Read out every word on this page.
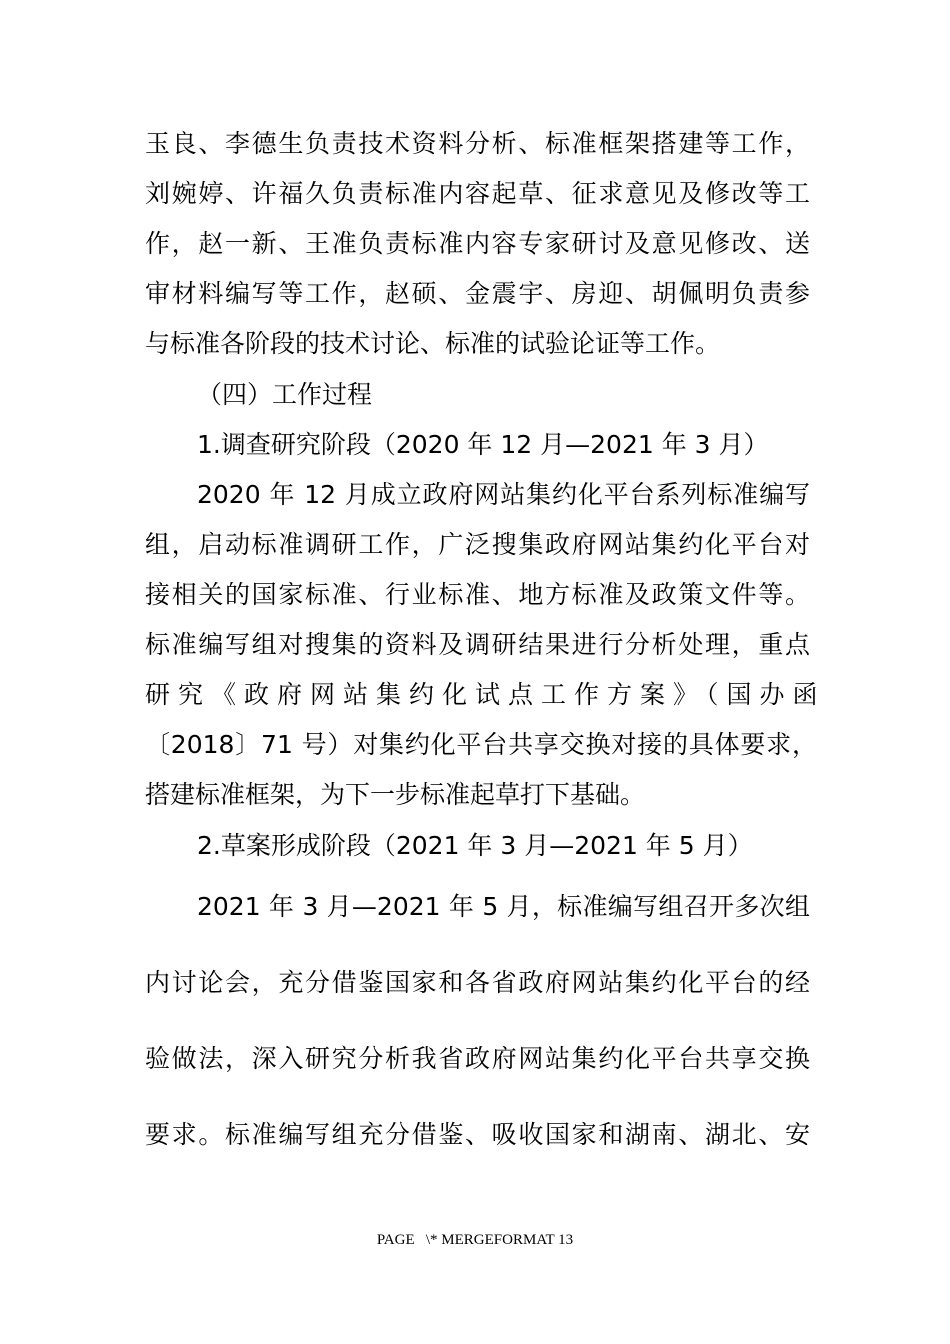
玉良、李德生负责技术资料分析、标准框架搭建等工作，

刘婉婷、许福久负责标准内容起草、征求意见及修改等工

作，赵一新、王准负责标准内容专家研讨及意见修改、送

审材料编写等工作，赵硕、金震宇、房迎、胡佩明负责参

与标准各阶段的技术讨论、标准的试验论证等工作。

（四）工作过程

1.调查研究阶段（2020 年 12 月—2021 年 3 月）

2020 年 12 月成立政府网站集约化平台系列标准编写

组，启动标准调研工作，广泛搜集政府网站集约化平台对

接相关的国家标准、行业标准、地方标准及政策文件等。

标准编写组对搜集的资料及调研结果进行分析处理，重点

研究《政府网站集约化试点工作方案》（国办函

〔2018〕71 号）对集约化平台共享交换对接的具体要求，

搭建标准框架，为下一步标准起草打下基础。

2.草案形成阶段（2021 年 3 月—2021 年 5 月）

2021 年 3 月—2021 年 5 月，标准编写组召开多次组

内讨论会，充分借鉴国家和各省政府网站集约化平台的经

验做法，深入研究分析我省政府网站集约化平台共享交换

要求。标准编写组充分借鉴、吸收国家和湖南、湖北、安

PAGE   \* MERGEFORMAT 13
